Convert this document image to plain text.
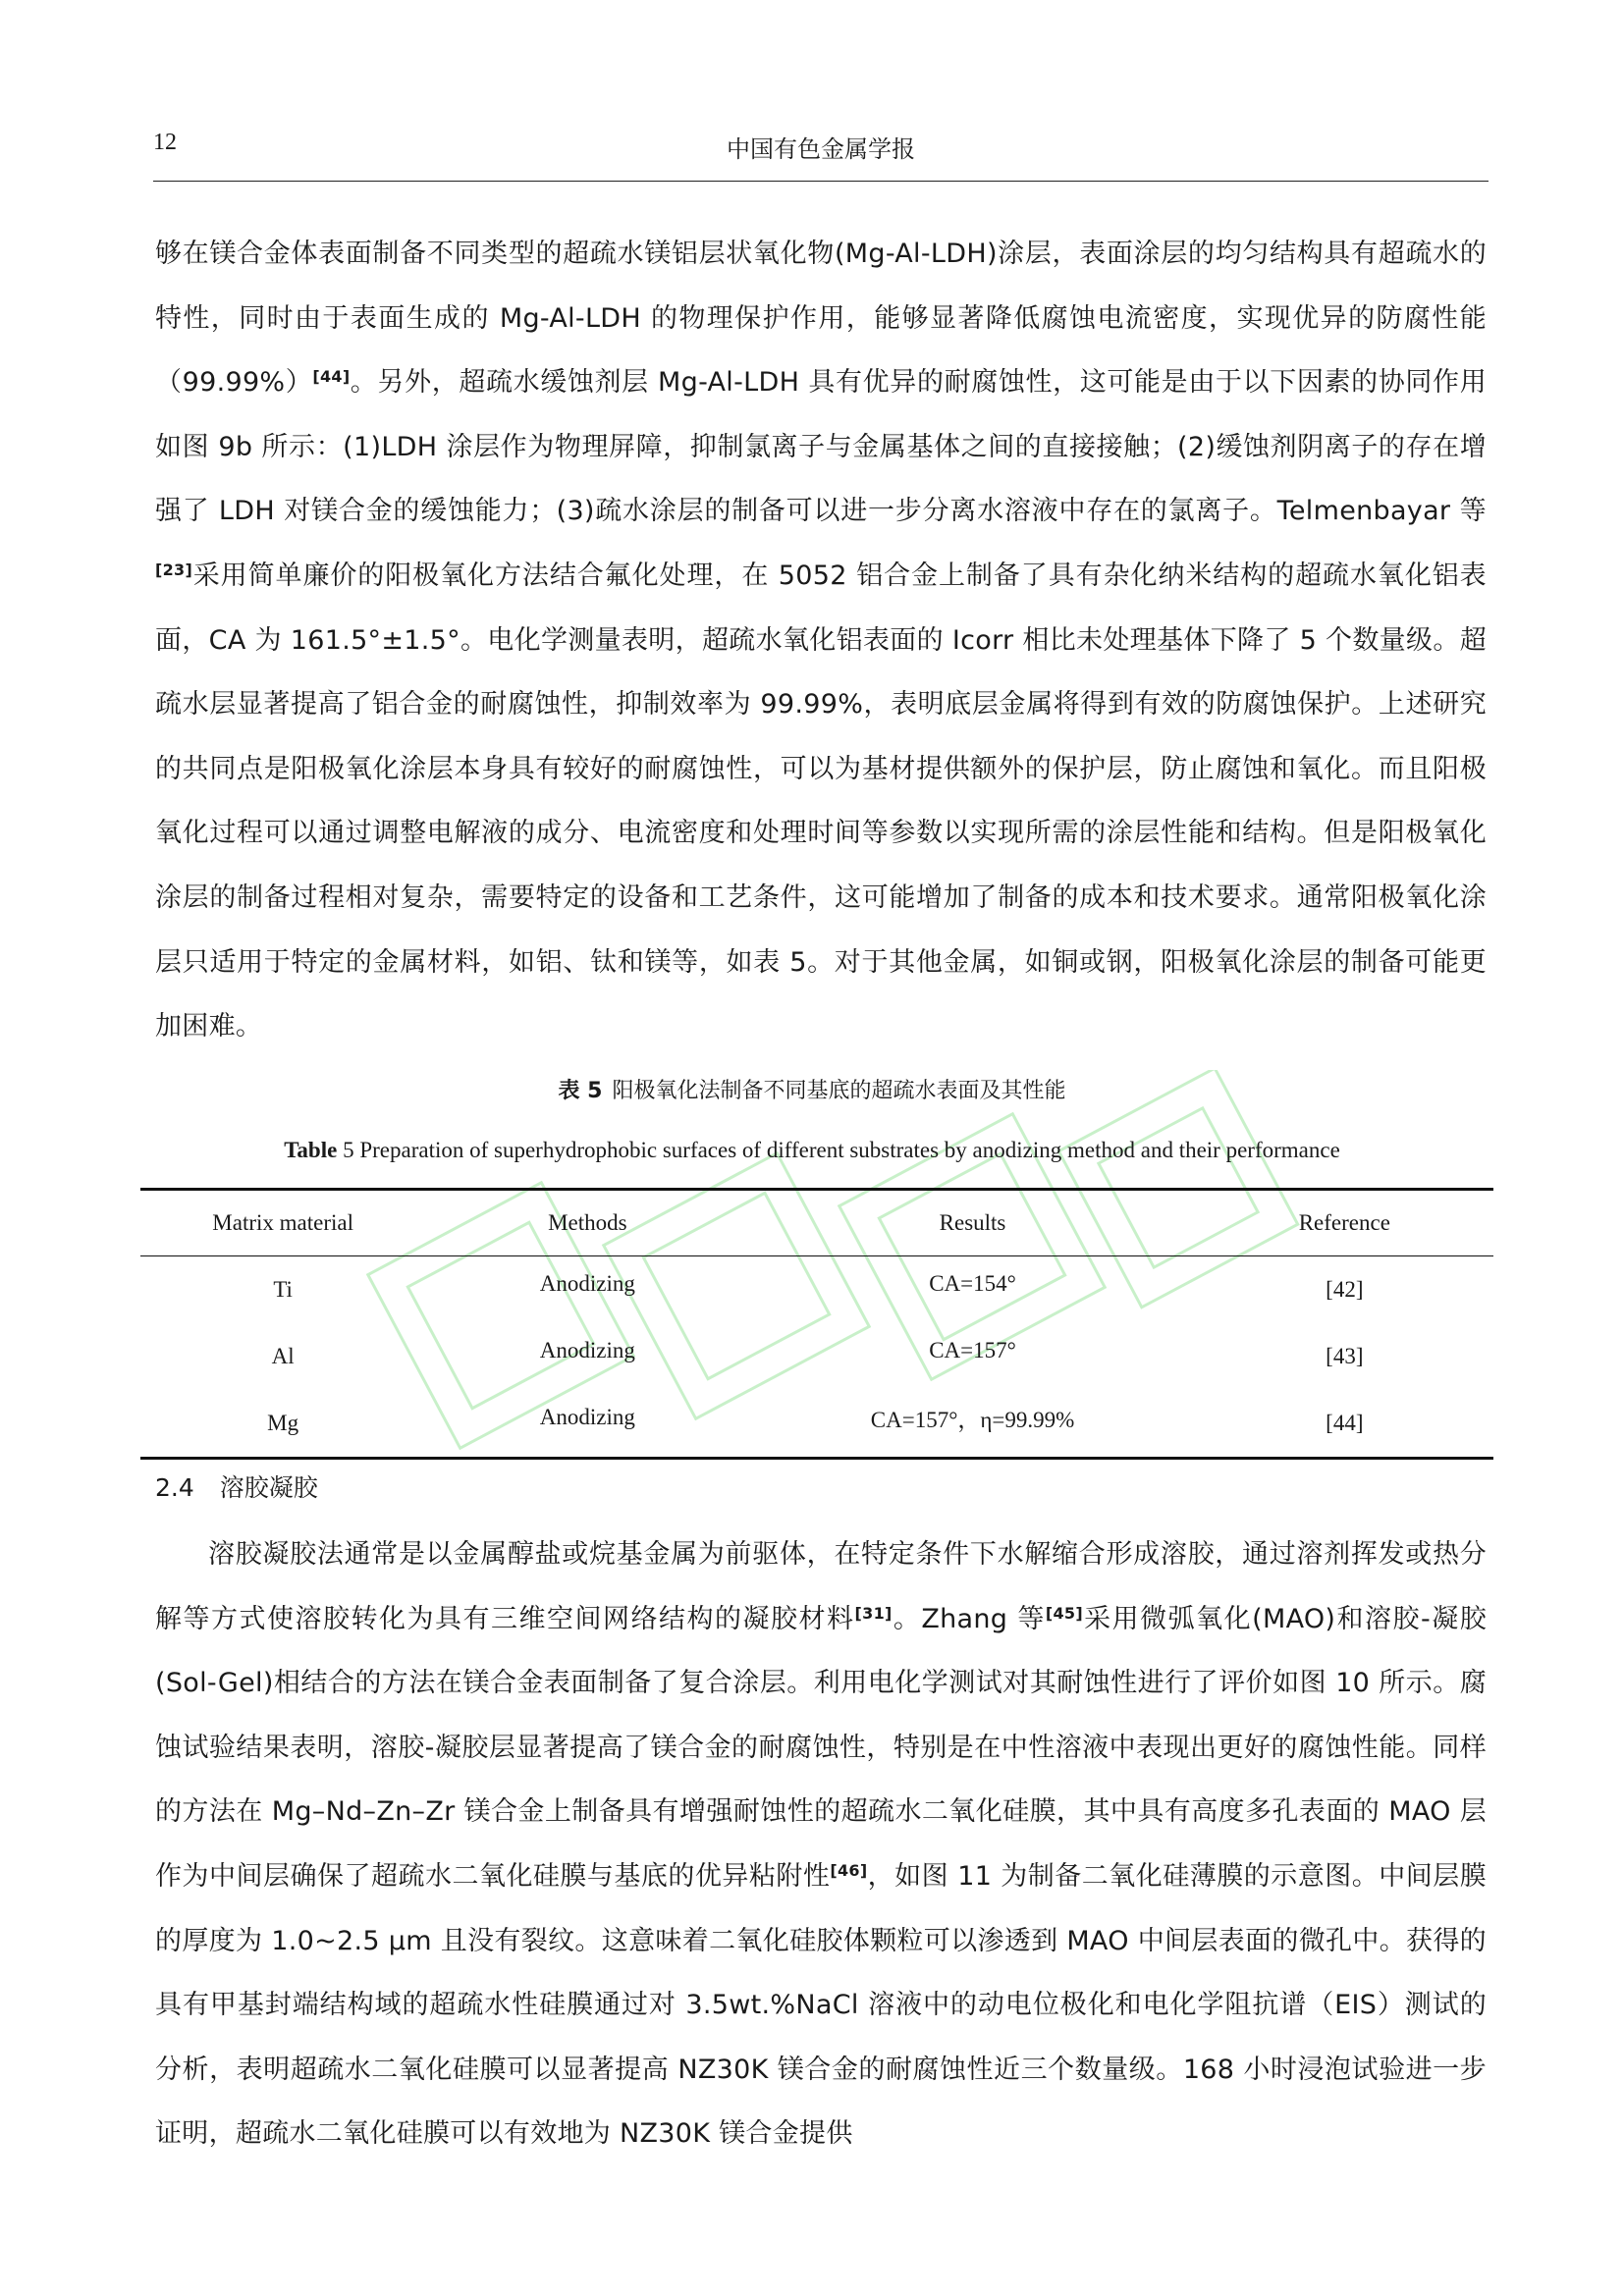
12	中国有色金属学报
够在镁合金体表面制备不同类型的超疏水镁铝层状氧化物(Mg-Al-LDH)涂层，表面涂层的均匀结构具有超疏水的特性，同时由于表面生成的 Mg-Al-LDH 的物理保护作用，能够显著降低腐蚀电流密度，实现优异的防腐性能（99.99%）[44]。另外，超疏水缓蚀剂层 Mg-Al-LDH 具有优异的耐腐蚀性，这可能是由于以下因素的协同作用如图 9b 所示：(1)LDH 涂层作为物理屏障，抑制氯离子与金属基体之间的直接接触；(2)缓蚀剂阴离子的存在增强了 LDH 对镁合金的缓蚀能力；(3)疏水涂层的制备可以进一步分离水溶液中存在的氯离子。Telmenbayar 等[23]采用简单廉价的阳极氧化方法结合氟化处理，在 5052 铝合金上制备了具有杂化纳米结构的超疏水氧化铝表面，CA 为 161.5°±1.5°。电化学测量表明，超疏水氧化铝表面的 Icorr 相比未处理基体下降了 5 个数量级。超疏水层显著提高了铝合金的耐腐蚀性，抑制效率为 99.99%，表明底层金属将得到有效的防腐蚀保护。上述研究的共同点是阳极氧化涂层本身具有较好的耐腐蚀性，可以为基材提供额外的保护层，防止腐蚀和氧化。而且阳极氧化过程可以通过调整电解液的成分、电流密度和处理时间等参数以实现所需的涂层性能和结构。但是阳极氧化涂层的制备过程相对复杂，需要特定的设备和工艺条件，这可能增加了制备的成本和技术要求。通常阳极氧化涂层只适用于特定的金属材料，如铝、钛和镁等，如表 5。对于其他金属，如铜或钢，阳极氧化涂层的制备可能更加困难。
表 5 阳极氧化法制备不同基底的超疏水表面及其性能
Table 5 Preparation of superhydrophobic surfaces of different substrates by anodizing method and their performance
Matrix material	Methods	Results	Reference
Ti	Anodizing	CA=154°	[42]
Al	Anodizing	CA=157°	[43]
Mg	Anodizing	CA=157°，η=99.99%	[44]
2.4 溶胶凝胶
溶胶凝胶法通常是以金属醇盐或烷基金属为前驱体，在特定条件下水解缩合形成溶胶，通过溶剂挥发或热分解等方式使溶胶转化为具有三维空间网络结构的凝胶材料[31]。Zhang 等[45]采用微弧氧化(MAO)和溶胶-凝胶(Sol-Gel)相结合的方法在镁合金表面制备了复合涂层。利用电化学测试对其耐蚀性进行了评价如图 10 所示。腐蚀试验结果表明，溶胶-凝胶层显著提高了镁合金的耐腐蚀性，特别是在中性溶液中表现出更好的腐蚀性能。同样的方法在 Mg–Nd–Zn–Zr 镁合金上制备具有增强耐蚀性的超疏水二氧化硅膜，其中具有高度多孔表面的 MAO 层作为中间层确保了超疏水二氧化硅膜与基底的优异粘附性[46]，如图 11 为制备二氧化硅薄膜的示意图。中间层膜的厚度为 1.0~2.5 μm 且没有裂纹。这意味着二氧化硅胶体颗粒可以渗透到 MAO 中间层表面的微孔中。获得的具有甲基封端结构域的超疏水性硅膜通过对 3.5wt.%NaCl 溶液中的动电位极化和电化学阻抗谱（EIS）测试的分析，表明超疏水二氧化硅膜可以显著提高 NZ30K 镁合金的耐腐蚀性近三个数量级。168 小时浸泡试验进一步证明，超疏水二氧化硅膜可以有效地为 NZ30K 镁合金提供
